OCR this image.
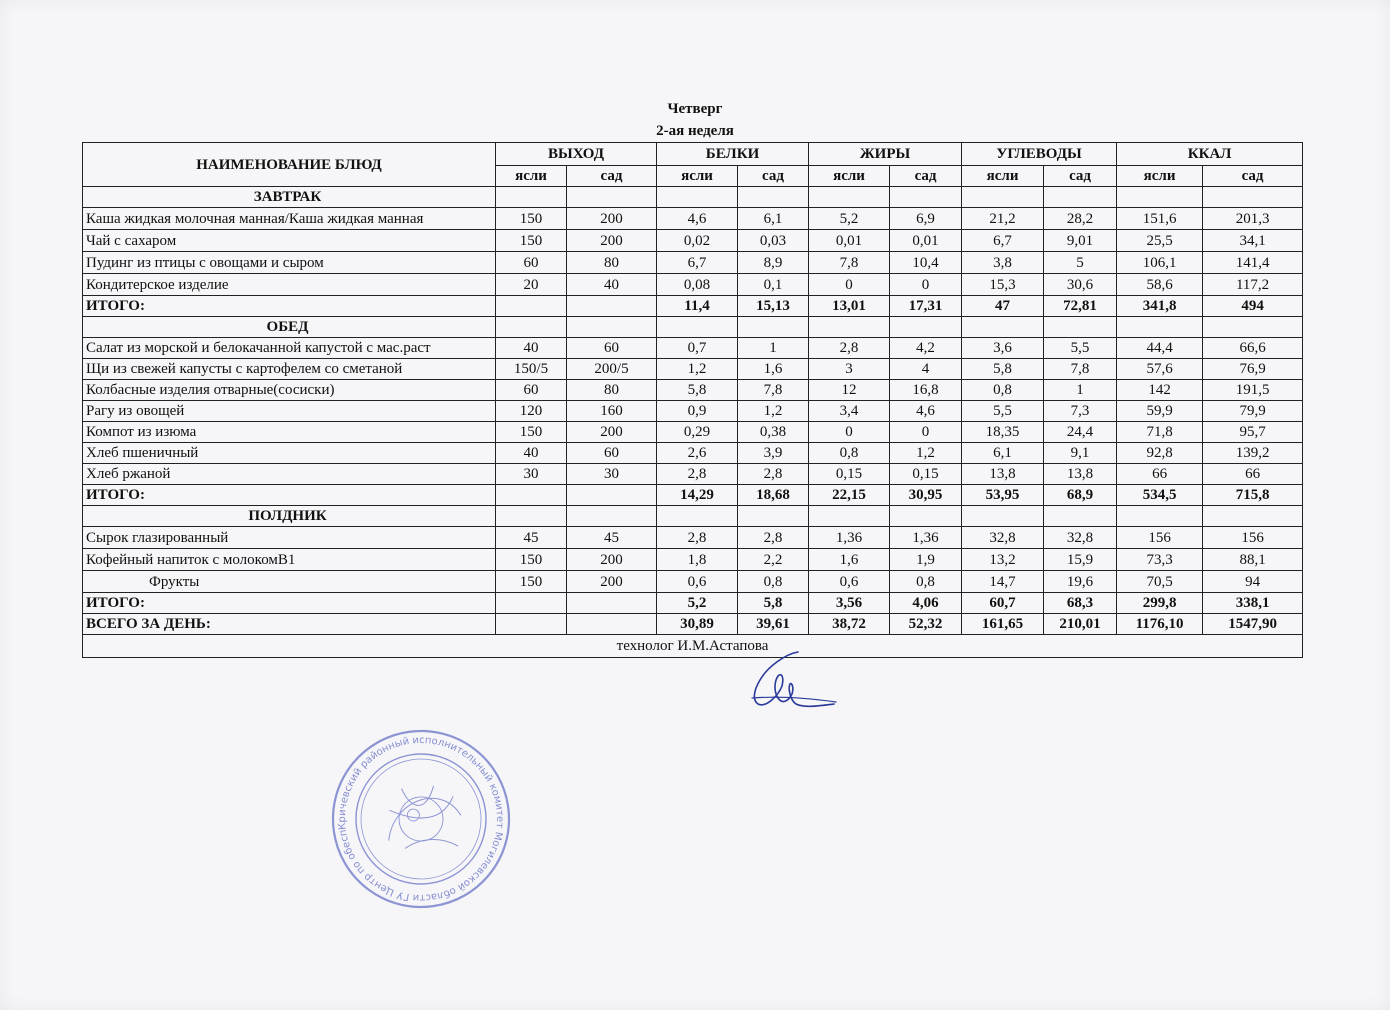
Четверг
2-ая неделя
НАИМЕНОВАНИЕ БЛЮД	ВЫХОД		БЕЛКИ		ЖИРЫ		УГЛЕВОДЫ		ККАЛ	
	ясли	сад	ясли	сад	ясли	сад	ясли	сад	ясли	сад
ЗАВТРАК										
Каша жидкая молочная манная/Каша жидкая манная	150	200	4,6	6,1	5,2	6,9	21,2	28,2	151,6	201,3
Чай с сахаром	150	200	0,02	0,03	0,01	0,01	6,7	9,01	25,5	34,1
Пудинг из птицы с овощами и сыром	60	80	6,7	8,9	7,8	10,4	3,8	5	106,1	141,4
Кондитерское изделие	20	40	0,08	0,1	0	0	15,3	30,6	58,6	117,2
ИТОГО:			11,4	15,13	13,01	17,31	47	72,81	341,8	494
ОБЕД										
Салат из морской и белокачанной капустой с мас.раст	40	60	0,7	1	2,8	4,2	3,6	5,5	44,4	66,6
Щи из свежей капусты с картофелем со сметаной	150/5	200/5	1,2	1,6	3	4	5,8	7,8	57,6	76,9
Колбасные изделия отварные(сосиски)	60	80	5,8	7,8	12	16,8	0,8	1	142	191,5
Рагу из овощей	120	160	0,9	1,2	3,4	4,6	5,5	7,3	59,9	79,9
Компот из изюма	150	200	0,29	0,38	0	0	18,35	24,4	71,8	95,7
Хлеб пшеничный	40	60	2,6	3,9	0,8	1,2	6,1	9,1	92,8	139,2
Хлеб ржаной	30	30	2,8	2,8	0,15	0,15	13,8	13,8	66	66
ИТОГО:			14,29	18,68	22,15	30,95	53,95	68,9	534,5	715,8
ПОЛДНИК										
Сырок глазированный	45	45	2,8	2,8	1,36	1,36	32,8	32,8	156	156
Кофейный напиток с молокомВ1	150	200	1,8	2,2	1,6	1,9	13,2	15,9	73,3	88,1
Фрукты	150	200	0,6	0,8	0,6	0,8	14,7	19,6	70,5	94
ИТОГО:			5,2	5,8	3,56	4,06	60,7	68,3	299,8	338,1
ВСЕГО ЗА ДЕНЬ:			30,89	39,61	38,72	52,32	161,65	210,01	1176,10	1547,90
технолог И.М.Астапова										
Кричевский районный исполнительный комитет Могилевской области ГУ Центр по обеспечению
